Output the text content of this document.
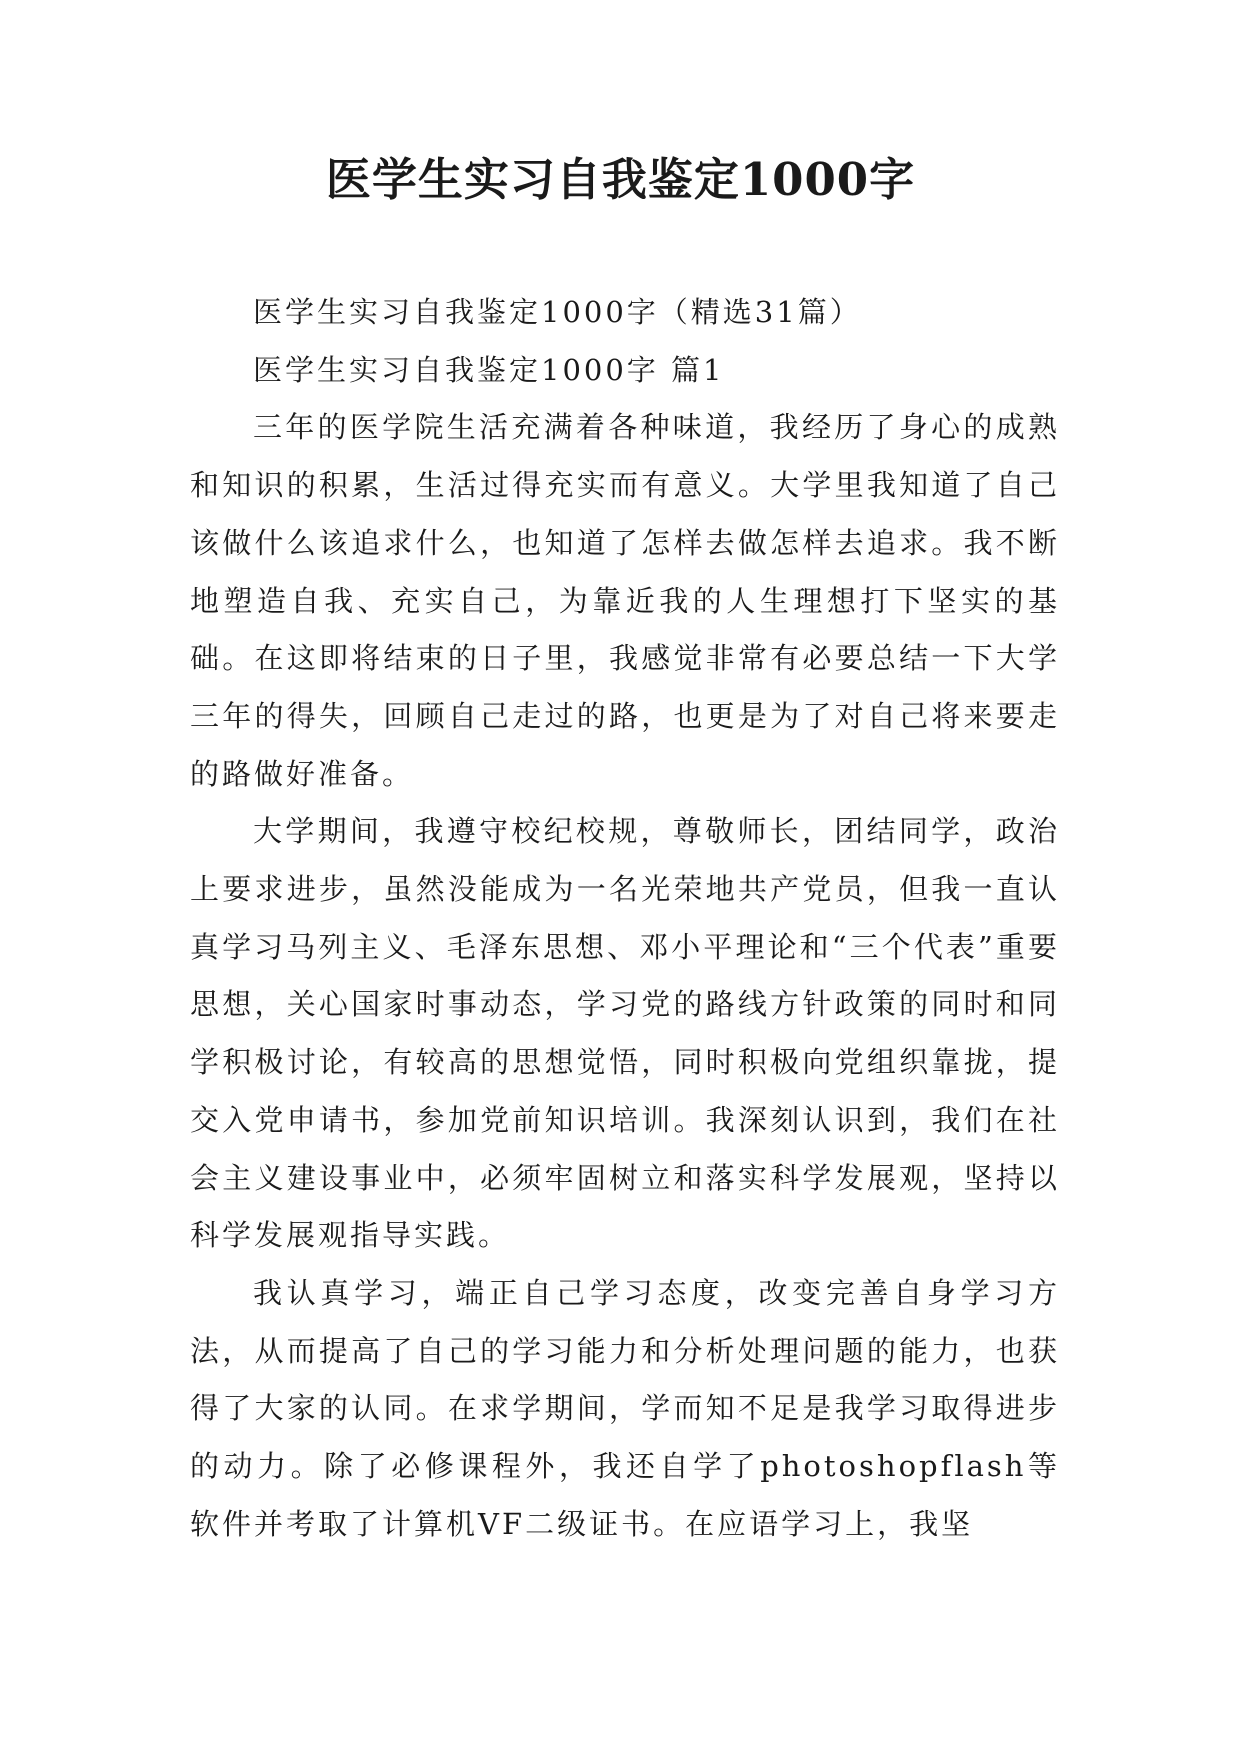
医学生实习自我鉴定1000字

医学生实习自我鉴定1000字（精选31篇）

医学生实习自我鉴定1000字 篇1

三年的医学院生活充满着各种味道，我经历了身心的成熟和知识的积累，生活过得充实而有意义。大学里我知道了自己该做什么该追求什么，也知道了怎样去做怎样去追求。我不断地塑造自我、充实自己，为靠近我的人生理想打下坚实的基础。在这即将结束的日子里，我感觉非常有必要总结一下大学三年的得失，回顾自己走过的路，也更是为了对自己将来要走的路做好准备。

大学期间，我遵守校纪校规，尊敬师长，团结同学，政治上要求进步，虽然没能成为一名光荣地共产党员，但我一直认真学习马列主义、毛泽东思想、邓小平理论和“三个代表”重要思想，关心国家时事动态，学习党的路线方针政策的同时和同学积极讨论，有较高的思想觉悟，同时积极向党组织靠拢，提交入党申请书，参加党前知识培训。我深刻认识到，我们在社会主义建设事业中，必须牢固树立和落实科学发展观，坚持以科学发展观指导实践。

我认真学习，端正自己学习态度，改变完善自身学习方法，从而提高了自己的学习能力和分析处理问题的能力，也获得了大家的认同。在求学期间，学而知不足是我学习取得进步的动力。除了必修课程外，我还自学了photoshopflash等软件并考取了计算机VF二级证书。在应语学习上，我坚
